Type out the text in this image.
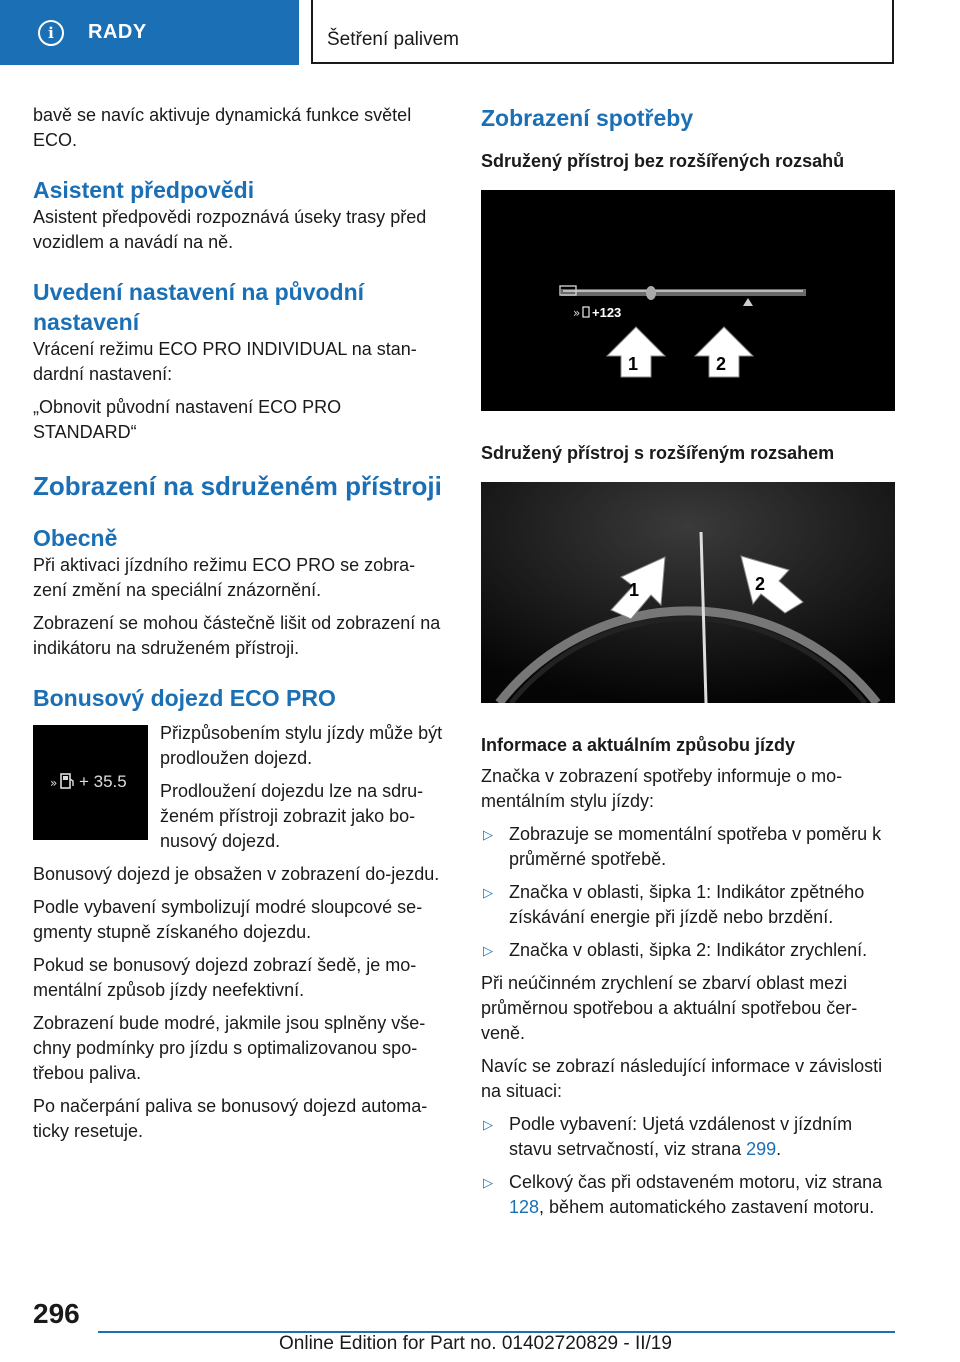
i	RADY	Šetření palivem

bavě se navíc aktivuje dynamická funkce světel ECO.

Asistent předpovědi

Asistent předpovědi rozpoznává úseky trasy před vozidlem a navádí na ně.

Uvedení nastavení na původní nastavení

Vrácení režimu ECO PRO INDIVIDUAL na stan-dardní nastavení:

„Obnovit původní nastavení ECO PRO STANDARD“

Zobrazení na sdruženém přístroji
Obecně

Při aktivaci jízdního režimu ECO PRO se zobra-zení změní na speciální znázornění.

Zobrazení se mohou částečně lišit od zobrazení na indikátoru na sdruženém přístroji.

Bonusový dojezd ECO PRO
» + 35.5

Přizpůsobením stylu jízdy může být prodloužen dojezd.

Prodloužení dojezdu lze na sdru-ženém přístroji zobrazit jako bo-nusový dojezd.

Bonusový dojezd je obsažen v zobrazení do-jezdu.

Podle vybavení symbolizují modré sloupcové se-gmenty stupně získaného dojezdu.

Pokud se bonusový dojezd zobrazí šedě, je mo-mentální způsob jízdy neefektivní.

Zobrazení bude modré, jakmile jsou splněny vše-chny podmínky pro jízdu s optimalizovanou spo-třebou paliva.

Po načerpání paliva se bonusový dojezd automa-ticky resetuje.

Zobrazení spotřeby
Sdružený přístroj bez rozšířených rozsahů
» +123
1	2
Sdružený přístroj s rozšířeným rozsahem
1	2
Informace a aktuálním způsobu jízdy

Značka v zobrazení spotřeby informuje o mo-mentálním stylu jízdy:

▷ Zobrazuje se momentální spotřeba v poměru k průměrné spotřebě.
▷ Značka v oblasti, šipka 1: Indikátor zpětného získávání energie při jízdě nebo brzdění.
▷ Značka v oblasti, šipka 2: Indikátor zrychlení.

Při neúčinném zrychlení se zbarví oblast mezi průměrnou spotřebou a aktuální spotřebou čer-veně.

Navíc se zobrazí následující informace v závislosti na situaci:

▷ Podle vybavení: Ujetá vzdálenost v jízdním stavu setrvačností, viz strana 299.
▷ Celkový čas při odstaveném motoru, viz strana 128, během automatického zastavení motoru.
296
Online Edition for Part no. 01402720829 - II/19
